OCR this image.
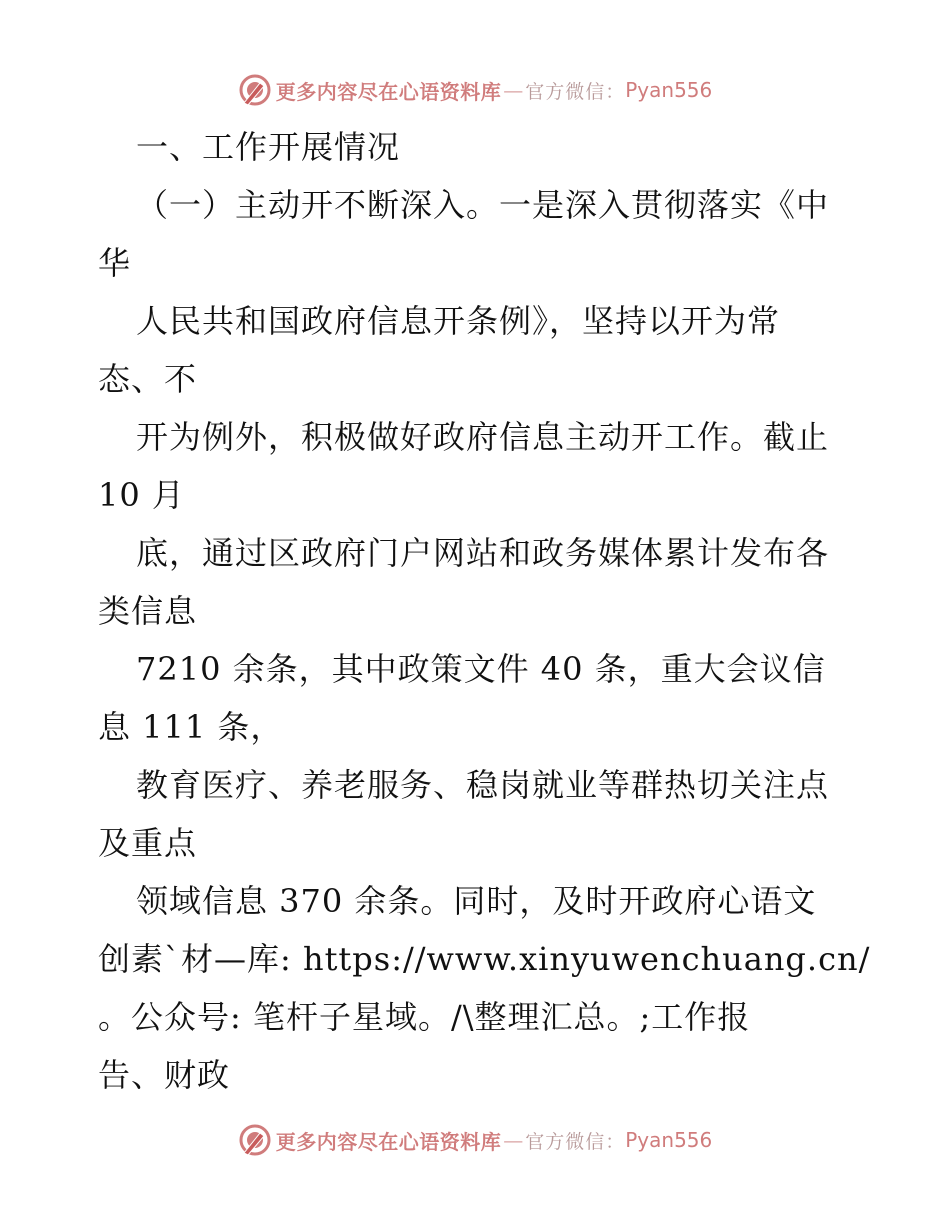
更多内容尽在心语资料库 — 官方微信： Pyan556
一、工作开展情况
（一）主动开不断深入。一是深入贯彻落实《中
华
人民共和国政府信息开条例》，坚持以开为常
态、不
开为例外，积极做好政府信息主动开工作。截止
10 月
底，通过区政府门户网站和政务媒体累计发布各
类信息
7210 余条，其中政策文件 40 条，重大会议信
息 111 条，
教育医疗、养老服务、稳岗就业等群热切关注点
及重点
领域信息 370 余条。同时，及时开政府心语文
创素`材—库: https://www.xinyuwenchuang.cn/
。公众号: 笔杆子星域。/\整理汇总。;工作报
告、财政
更多内容尽在心语资料库 — 官方微信： Pyan556
